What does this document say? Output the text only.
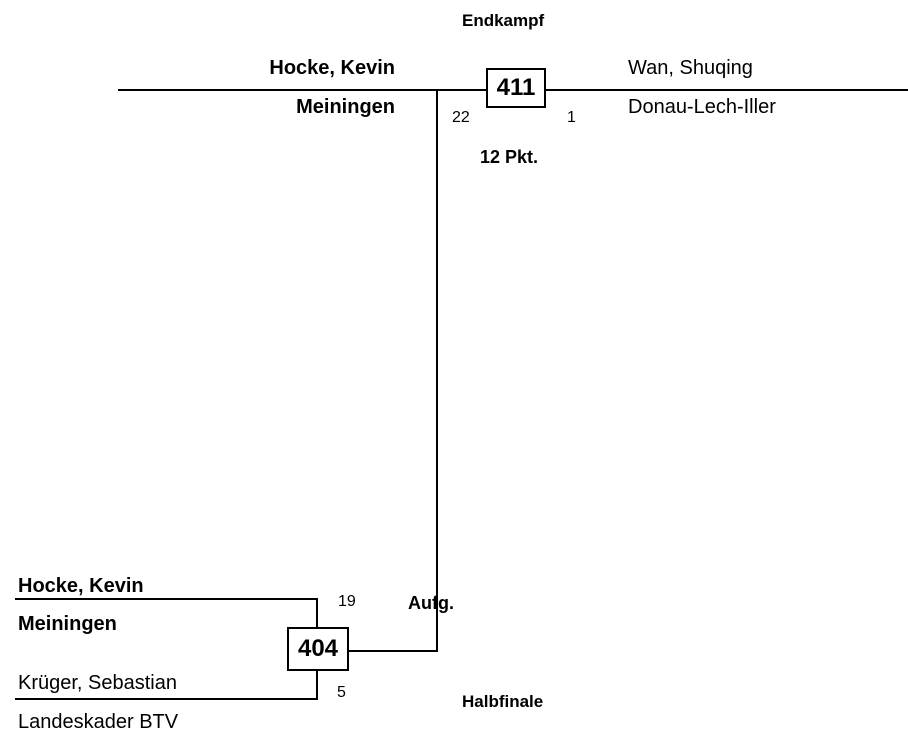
Endkampf
Hocke, Kevin
Meiningen
Wan, Shuqing
Donau-Lech-Iller
411
22	1
12 Pkt.
Hocke, Kevin
Meiningen
Krüger, Sebastian
Landeskader BTV
404
19
5
Aufg.
Halbfinale
